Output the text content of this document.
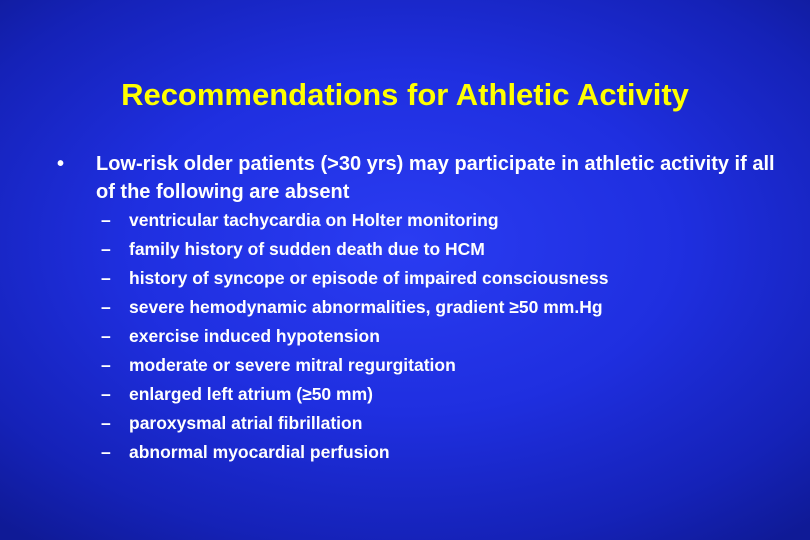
Recommendations for Athletic Activity
• Low-risk older patients (>30 yrs) may participate in athletic activity if all of the following are absent
– ventricular tachycardia on Holter monitoring
– family history of sudden death due to HCM
– history of syncope or episode of impaired consciousness
– severe hemodynamic abnormalities, gradient ≥50 mm.Hg
– exercise induced hypotension
– moderate or severe mitral regurgitation
– enlarged left atrium (≥50 mm)
– paroxysmal atrial fibrillation
– abnormal myocardial perfusion
